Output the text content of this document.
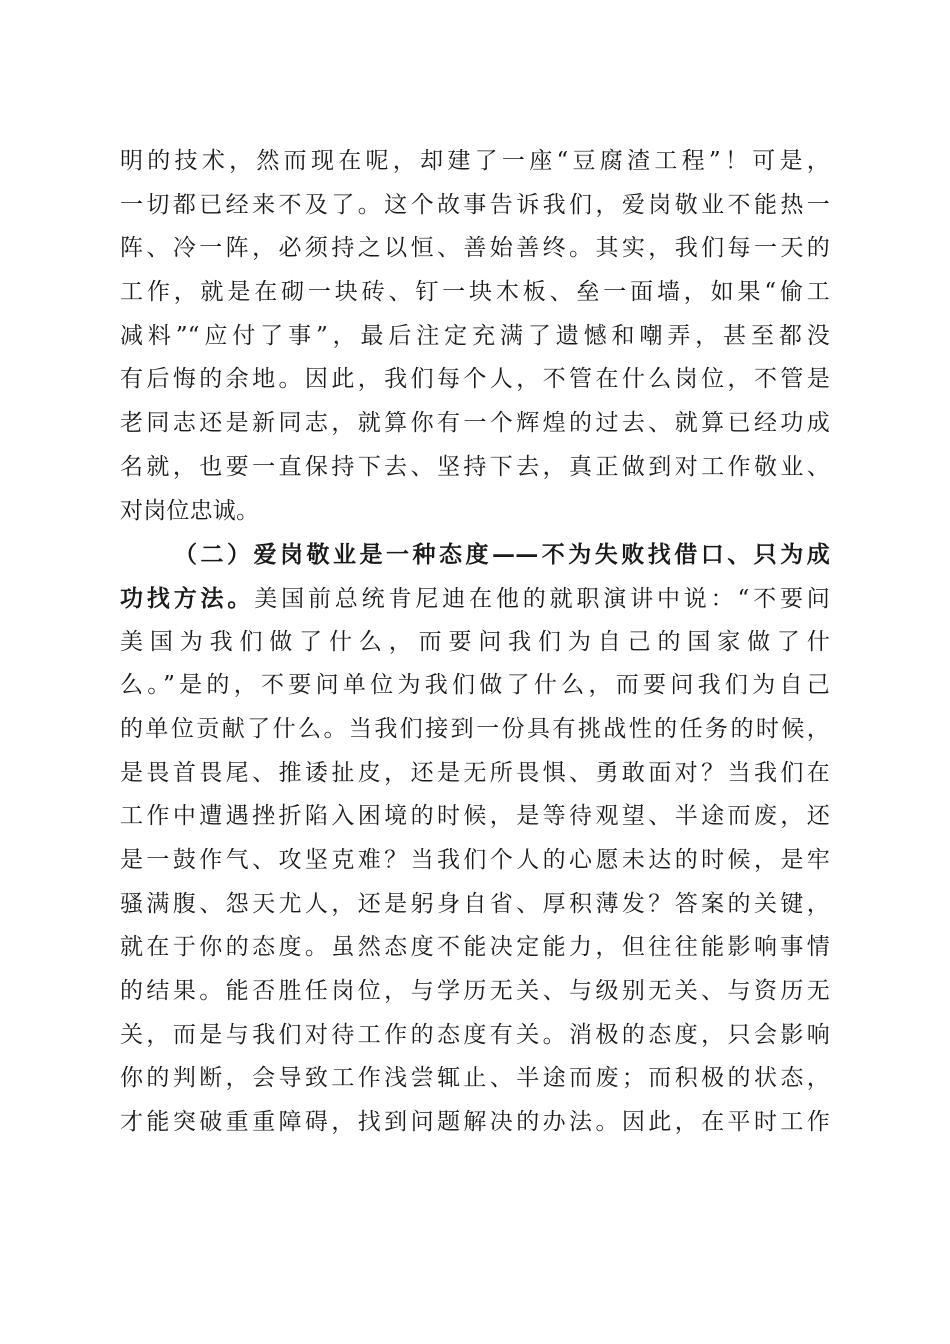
明的技术，然而现在呢，却建了一座“豆腐渣工程”！可是，
一切都已经来不及了。这个故事告诉我们，爱岗敬业不能热一
阵、冷一阵，必须持之以恒、善始善终。其实，我们每一天的
工作，就是在砌一块砖、钉一块木板、垒一面墙，如果“偷工
减料”“应付了事”，最后注定充满了遗憾和嘲弄，甚至都没
有后悔的余地。因此，我们每个人，不管在什么岗位，不管是
老同志还是新同志，就算你有一个辉煌的过去、就算已经功成
名就，也要一直保持下去、坚持下去，真正做到对工作敬业、
对岗位忠诚。
（二）爱岗敬业是一种态度——不为失败找借口、只为成
功找方法。美国前总统肯尼迪在他的就职演讲中说：“不要问
美国为我们做了什么，而要问我们为自己的国家做了什
么。”是的，不要问单位为我们做了什么，而要问我们为自己
的单位贡献了什么。当我们接到一份具有挑战性的任务的时候，
是畏首畏尾、推诿扯皮，还是无所畏惧、勇敢面对？当我们在
工作中遭遇挫折陷入困境的时候，是等待观望、半途而废，还
是一鼓作气、攻坚克难？当我们个人的心愿未达的时候，是牢
骚满腹、怨天尤人，还是躬身自省、厚积薄发？答案的关键，
就在于你的态度。虽然态度不能决定能力，但往往能影响事情
的结果。能否胜任岗位，与学历无关、与级别无关、与资历无
关，而是与我们对待工作的态度有关。消极的态度，只会影响
你的判断，会导致工作浅尝辄止、半途而废；而积极的状态，
才能突破重重障碍，找到问题解决的办法。因此，在平时工作
